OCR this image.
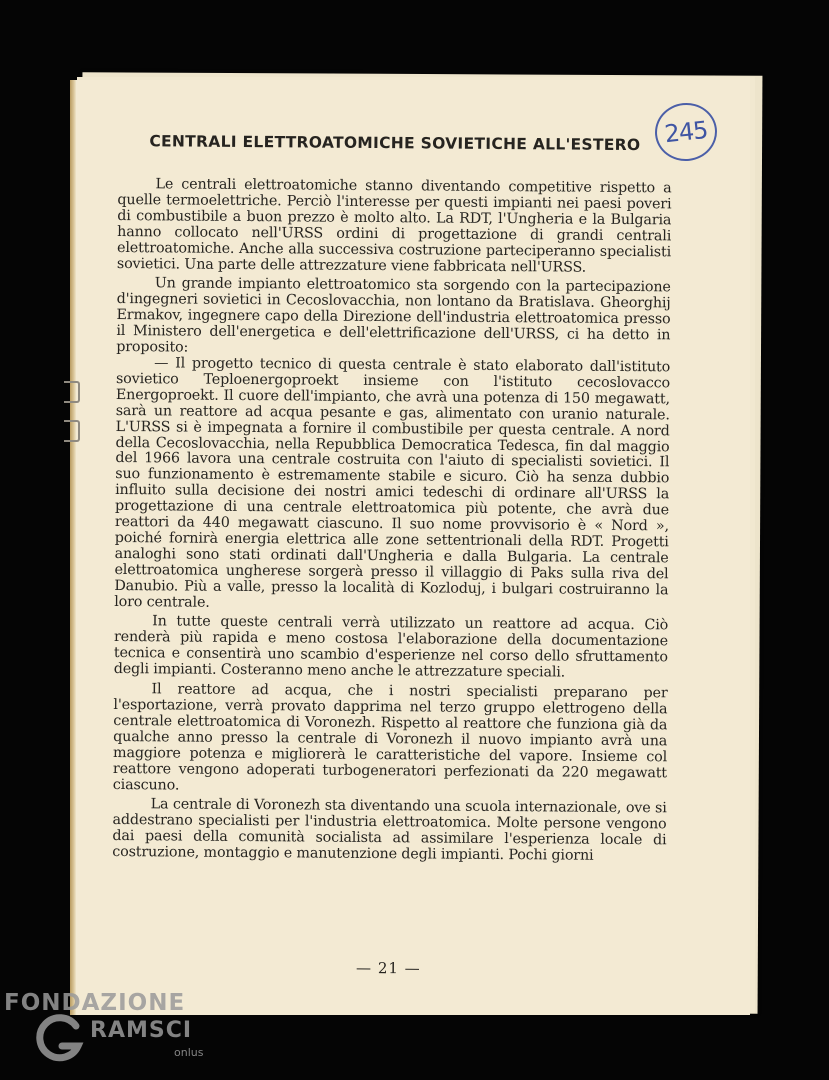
245
CENTRALI ELETTROATOMICHE SOVIETICHE ALL'ESTERO

Le centrali elettroatomiche stanno diventando competitive rispetto a quelle termoelettriche. Perciò l'interesse per questi impianti nei paesi poveri di combustibile a buon prezzo è molto alto. La RDT, l'Ungheria e la Bulgaria hanno collocato nell'URSS ordini di progettazione di grandi centrali elettroatomiche. Anche alla successiva costruzione parteciperanno specialisti sovietici. Una parte delle attrezzature viene fabbricata nell'URSS.

Un grande impianto elettroatomico sta sorgendo con la partecipazione d'ingegneri sovietici in Cecoslovacchia, non lontano da Bratislava. Gheorghij Ermakov, ingegnere capo della Direzione dell'industria elettroatomica presso il Ministero dell'energetica e dell'elettrificazione dell'URSS, ci ha detto in proposito:

— Il progetto tecnico di questa centrale è stato elaborato dall'istituto sovietico Teploenergoproekt insieme con l'istituto cecoslovacco Energoproekt. Il cuore dell'impianto, che avrà una potenza di 150 megawatt, sarà un reattore ad acqua pesante e gas, alimentato con uranio naturale. L'URSS si è impegnata a fornire il combustibile per questa centrale. A nord della Cecoslovacchia, nella Repubblica Democratica Tedesca, fin dal maggio del 1966 lavora una centrale costruita con l'aiuto di specialisti sovietici. Il suo funzionamento è estremamente stabile e sicuro. Ciò ha senza dubbio influito sulla decisione dei nostri amici tedeschi di ordinare all'URSS la progettazione di una centrale elettroatomica più potente, che avrà due reattori da 440 megawatt ciascuno. Il suo nome provvisorio è « Nord », poiché fornirà energia elettrica alle zone settentrionali della RDT. Progetti analoghi sono stati ordinati dall'Ungheria e dalla Bulgaria. La centrale elettroatomica ungherese sorgerà presso il villaggio di Paks sulla riva del Danubio. Più a valle, presso la località di Kozloduj, i bulgari costruiranno la loro centrale.

In tutte queste centrali verrà utilizzato un reattore ad acqua. Ciò renderà più rapida e meno costosa l'elaborazione della documentazione tecnica e consentirà uno scambio d'esperienze nel corso dello sfruttamento degli impianti. Costeranno meno anche le attrezzature speciali.

Il reattore ad acqua, che i nostri specialisti preparano per l'esportazione, verrà provato dapprima nel terzo gruppo elettrogeno della centrale elettroatomica di Voronezh. Rispetto al reattore che funziona già da qualche anno presso la centrale di Voronezh il nuovo impianto avrà una maggiore potenza e migliorerà le caratteristiche del vapore. Insieme col reattore vengono adoperati turbogeneratori perfezionati da 220 megawatt ciascuno.

La centrale di Voronezh sta diventando una scuola internazionale, ove si addestrano specialisti per l'industria elettroatomica. Molte persone vengono dai paesi della comunità socialista ad assimilare l'esperienza locale di costruzione, montaggio e manutenzione degli impianti. Pochi giorni

— 21 —
FONDAZIONE
RAMSCI
onlus
